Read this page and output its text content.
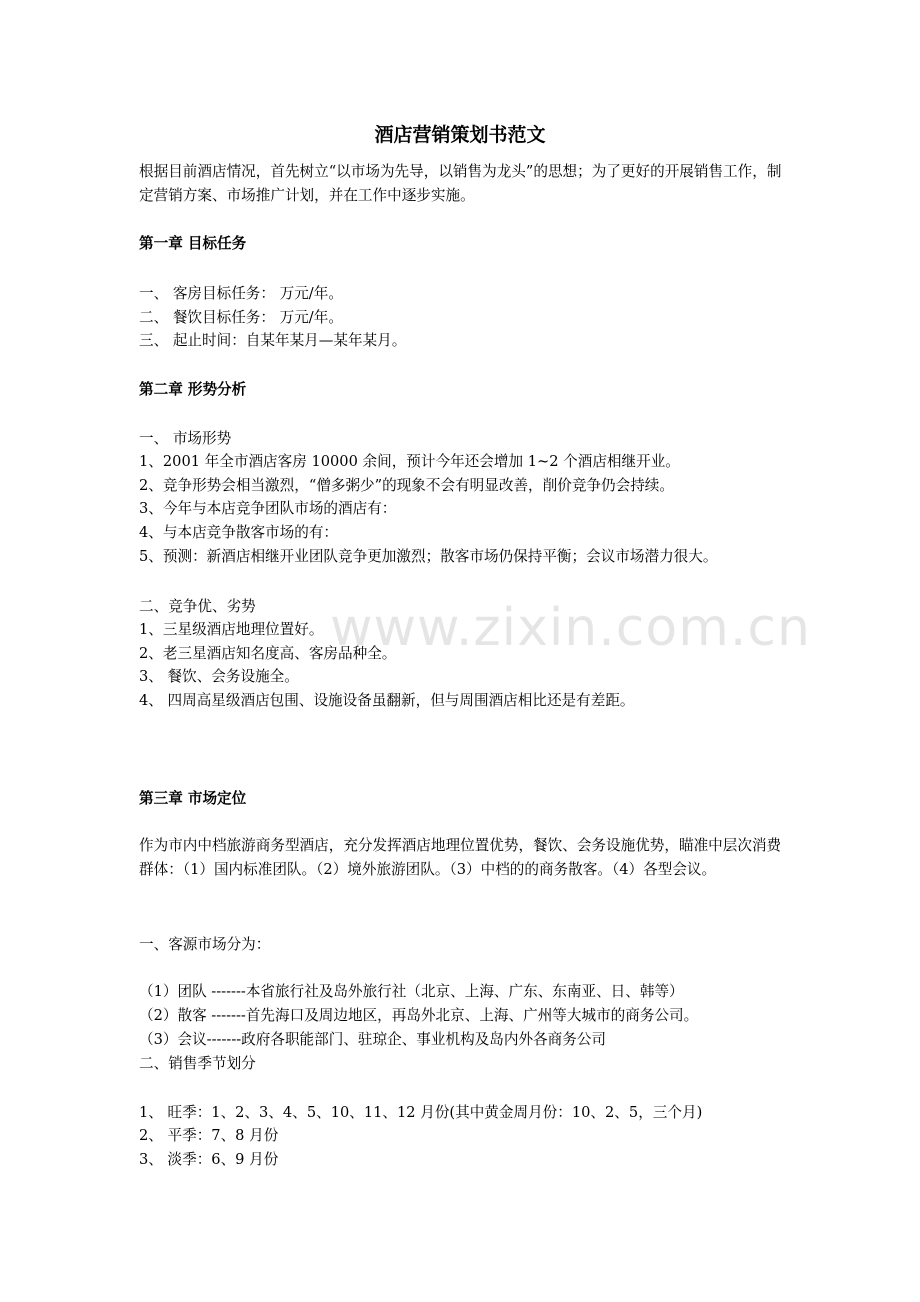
酒店营销策划书范文
根据目前酒店情况，首先树立“以市场为先导，以销售为龙头”的思想；为了更好的开展销售工作，制定营销方案、市场推广计划，并在工作中逐步实施。
第一章 目标任务
一、 客房目标任务： 万元/年。
二、 餐饮目标任务： 万元/年。
三、 起止时间：自某年某月—某年某月。
第二章 形势分析
一、 市场形势
1、2001 年全市酒店客房 10000 余间，预计今年还会增加 1~2 个酒店相继开业。
2、竞争形势会相当激烈，“僧多粥少”的现象不会有明显改善，削价竞争仍会持续。
3、今年与本店竞争团队市场的酒店有：
4、与本店竞争散客市场的有：
5、预测：新酒店相继开业团队竞争更加激烈；散客市场仍保持平衡；会议市场潜力很大。
二、竞争优、劣势
1、三星级酒店地理位置好。
2、老三星酒店知名度高、客房品种全。
3、 餐饮、会务设施全。
4、 四周高星级酒店包围、设施设备虽翻新，但与周围酒店相比还是有差距。
第三章 市场定位
作为市内中档旅游商务型酒店，充分发挥酒店地理位置优势，餐饮、会务设施优势，瞄准中层次消费群体：（1）国内标准团队。（2）境外旅游团队。（3）中档的的商务散客。（4）各型会议。
一、客源市场分为：
（1）团队 -------本省旅行社及岛外旅行社（北京、上海、广东、东南亚、日、韩等）
（2）散客 -------首先海口及周边地区，再岛外北京、上海、广州等大城市的商务公司。
（3）会议-------政府各职能部门、驻琼企、事业机构及岛内外各商务公司
二、销售季节划分
1、 旺季：1、2、3、4、5、10、11、12 月份(其中黄金周月份：10、2、5，三个月)
2、 平季：7、8 月份
3、 淡季：6、9 月份
www.zixin.com.cn
